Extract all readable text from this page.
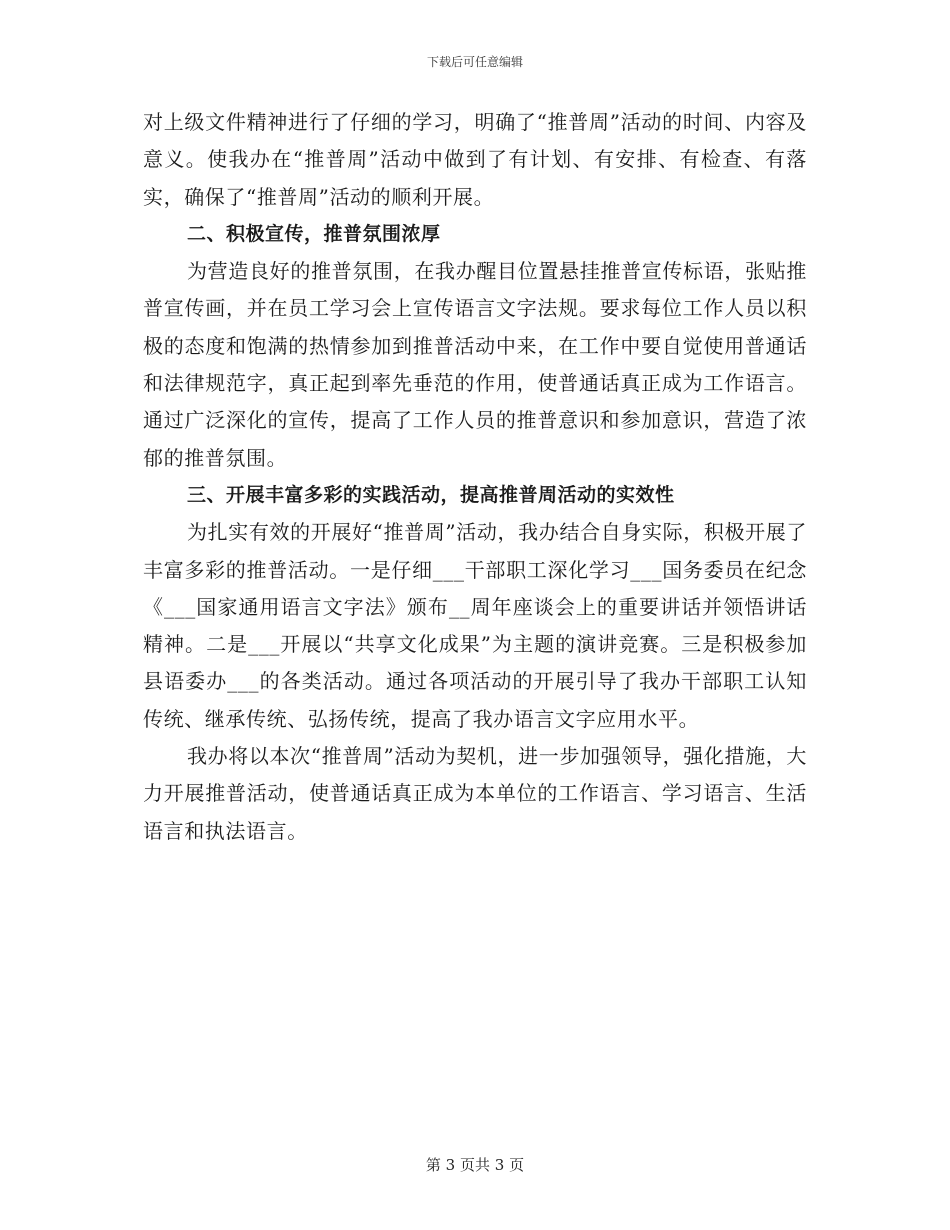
下载后可任意编辑

对上级文件精神进行了仔细的学习，明确了“推普周”活动的时间、内容及意义。使我办在“推普周”活动中做到了有计划、有安排、有检查、有落实，确保了“推普周”活动的顺利开展。

二、积极宣传，推普氛围浓厚

为营造良好的推普氛围，在我办醒目位置悬挂推普宣传标语，张贴推普宣传画，并在员工学习会上宣传语言文字法规。要求每位工作人员以积极的态度和饱满的热情参加到推普活动中来，在工作中要自觉使用普通话和法律规范字，真正起到率先垂范的作用，使普通话真正成为工作语言。通过广泛深化的宣传，提高了工作人员的推普意识和参加意识，营造了浓郁的推普氛围。

三、开展丰富多彩的实践活动，提高推普周活动的实效性

为扎实有效的开展好“推普周”活动，我办结合自身实际，积极开展了丰富多彩的推普活动。一是仔细___干部职工深化学习___国务委员在纪念《___国家通用语言文字法》颁布__周年座谈会上的重要讲话并领悟讲话精神。二是___开展以“共享文化成果”为主题的演讲竞赛。三是积极参加县语委办___的各类活动。通过各项活动的开展引导了我办干部职工认知传统、继承传统、弘扬传统，提高了我办语言文字应用水平。

我办将以本次“推普周”活动为契机，进一步加强领导，强化措施，大力开展推普活动，使普通话真正成为本单位的工作语言、学习语言、生活语言和执法语言。

第 3 页共 3 页
